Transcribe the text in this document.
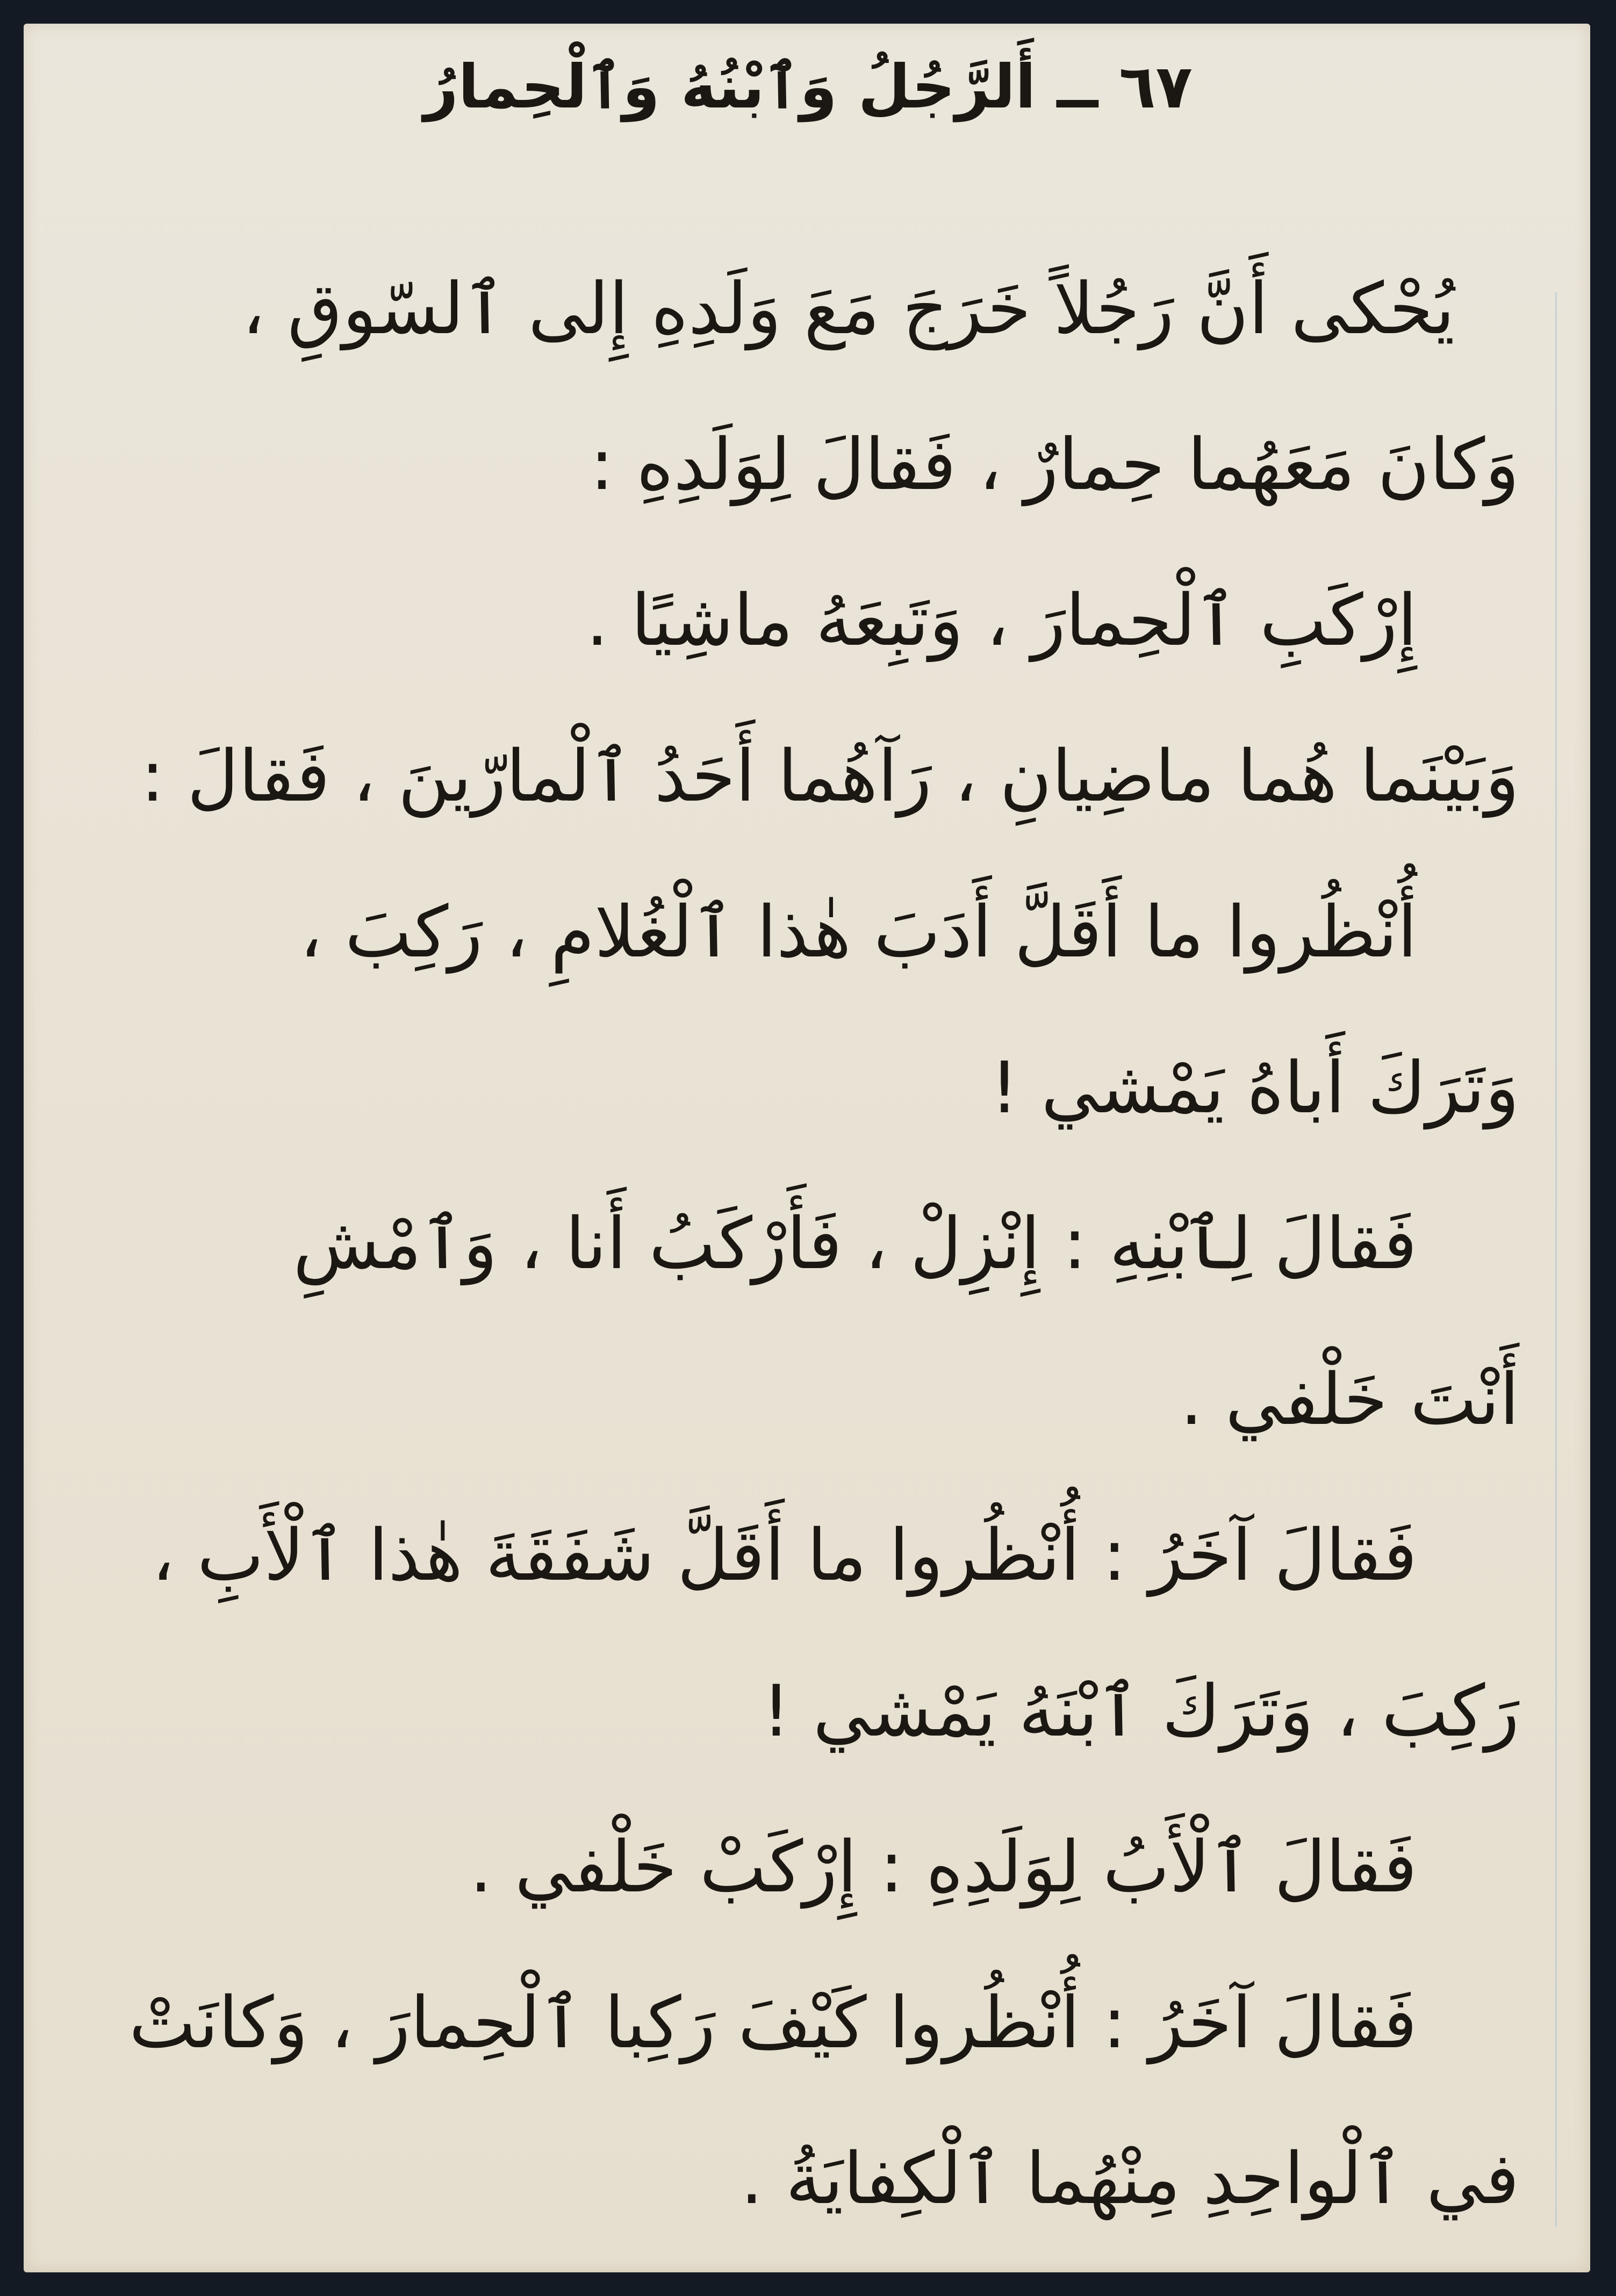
٦٧ ــ أَلرَّجُلُ وَٱبْنُهُ وَٱلْحِمارُ
يُحْكى أَنَّ رَجُلاً خَرَجَ مَعَ وَلَدِهِ إِلى ٱلسّوقِ ،
وَكانَ مَعَهُما حِمارٌ ، فَقالَ لِوَلَدِهِ :
إِرْكَبِ ٱلْحِمارَ ، وَتَبِعَهُ ماشِيًا .
وَبَيْنَما هُما ماضِيانِ ، رَآهُما أَحَدُ ٱلْمارّينَ ، فَقالَ :
أُنْظُروا ما أَقَلَّ أَدَبَ هٰذا ٱلْغُلامِ ، رَكِبَ ،
وَتَرَكَ أَباهُ يَمْشي !
فَقالَ لِٱبْنِهِ : إِنْزِلْ ، فَأَرْكَبُ أَنا ، وَٱمْشِ
أَنْتَ خَلْفي .
فَقالَ آخَرُ : أُنْظُروا ما أَقَلَّ شَفَقَةَ هٰذا ٱلْأَبِ ،
رَكِبَ ، وَتَرَكَ ٱبْنَهُ يَمْشي !
فَقالَ ٱلْأَبُ لِوَلَدِهِ : إِرْكَبْ خَلْفي .
فَقالَ آخَرُ : أُنْظُروا كَيْفَ رَكِبا ٱلْحِمارَ ، وَكانَتْ
في ٱلْواحِدِ مِنْهُما ٱلْكِفايَةُ .
